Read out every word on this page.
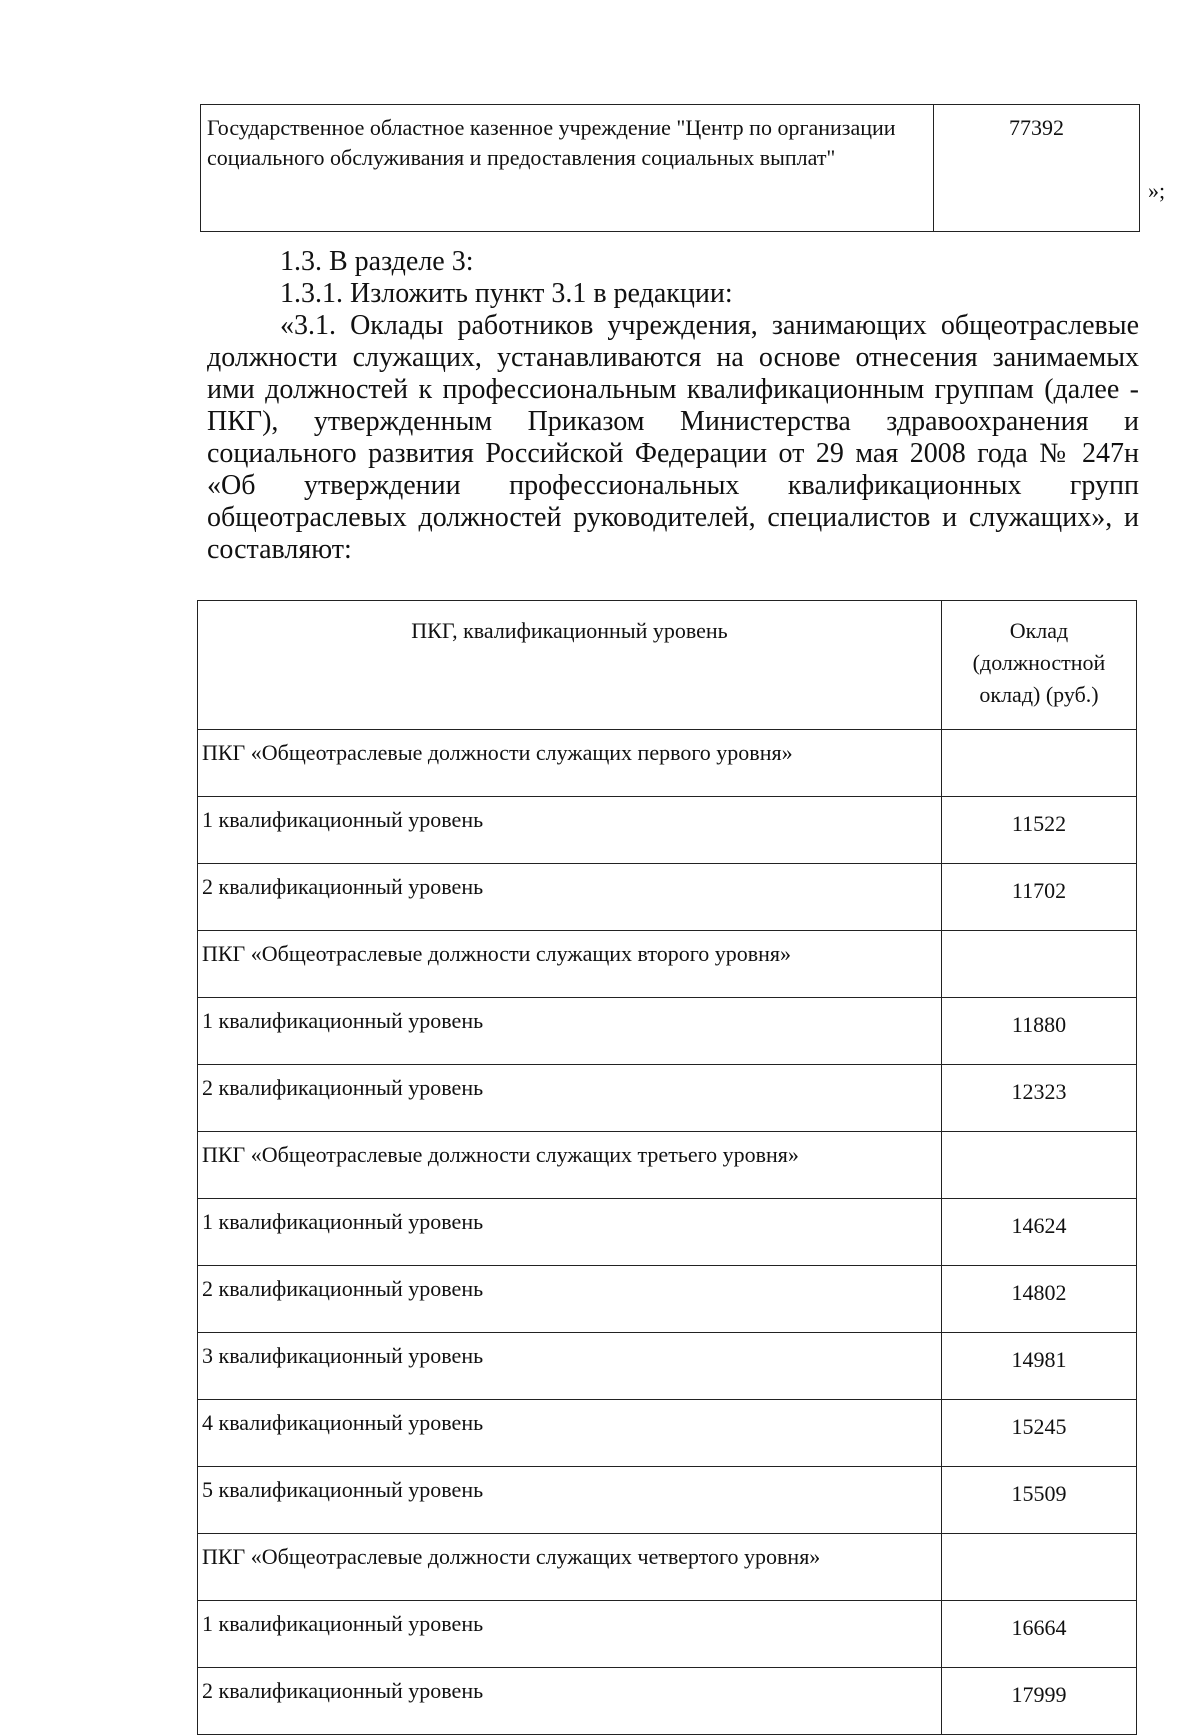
Государственное областное казенное учреждение "Центр по организации социального обслуживания и предоставления социальных выплат"	77392
»;

1.3. В разделе 3:

1.3.1. Изложить пункт 3.1 в редакции:

«3.1. Оклады работников учреждения, занимающих общеотраслевые должности служащих, устанавливаются на основе отнесения занимаемых ими должностей к профессиональным квалификационным группам (далее - ПКГ), утвержденным Приказом Министерства здравоохранения и социального развития Российской Федерации от 29 мая 2008 года № 247н «Об утверждении профессиональных квалификационных групп общеотраслевых должностей руководителей, специалистов и служащих», и

составляют:

ПКГ, квалификационный уровень	Оклад (должностной оклад) (руб.)
ПКГ «Общеотраслевые должности служащих первого уровня»	
1 квалификационный уровень	11522
2 квалификационный уровень	11702
ПКГ «Общеотраслевые должности служащих второго уровня»	
1 квалификационный уровень	11880
2 квалификационный уровень	12323
ПКГ «Общеотраслевые должности служащих третьего уровня»	
1 квалификационный уровень	14624
2 квалификационный уровень	14802
3 квалификационный уровень	14981
4 квалификационный уровень	15245
5 квалификационный уровень	15509
ПКГ «Общеотраслевые должности служащих четвертого уровня»	
1 квалификационный уровень	16664
2 квалификационный уровень	17999
